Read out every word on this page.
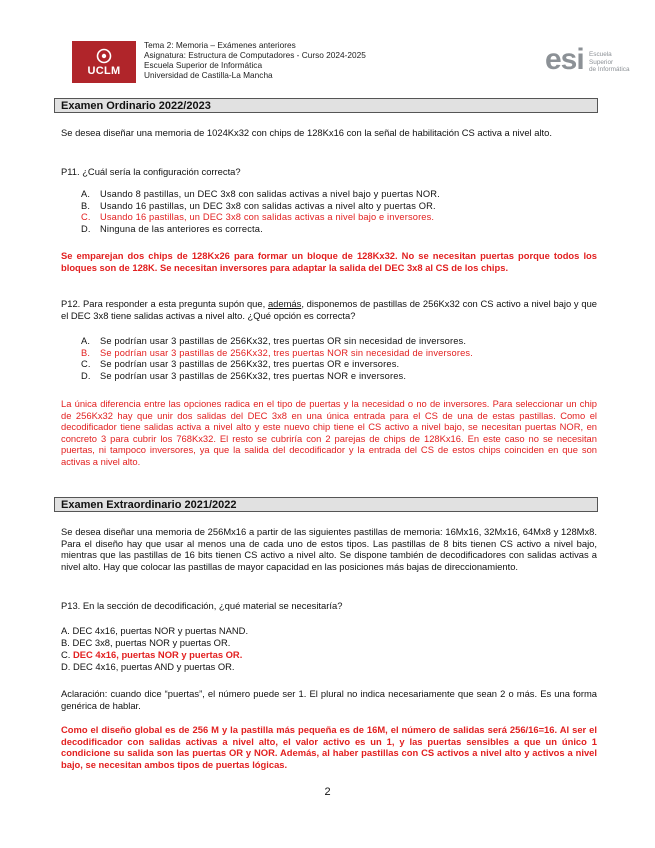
UCLM
Tema 2: Memoria – Exámenes anteriores
Asignatura: Estructura de Computadores - Curso 2024-2025
Escuela Superior de Informática
Universidad de Castilla-La Mancha	esi Escuela
Superior
de Informática
Examen Ordinario 2022/2023
Se desea diseñar una memoria de 1024Kx32 con chips de 128Kx16 con la señal de habilitación CS activa a nivel alto.
P11. ¿Cuál sería la configuración correcta?
A.	Usando 8 pastillas, un DEC 3x8 con salidas activas a nivel bajo y puertas NOR.
B.	Usando 16 pastillas, un DEC 3x8 con salidas activas a nivel alto y puertas OR.
C.	Usando 16 pastillas, un DEC 3x8 con salidas activas a nivel bajo e inversores.
D.	Ninguna de las anteriores es correcta.
Se emparejan dos chips de 128Kx26 para formar un bloque de 128Kx32. No se necesitan puertas porque todos los bloques son de 128K. Se necesitan inversores para adaptar la salida del DEC 3x8 al CS de los chips.
P12. Para responder a esta pregunta supón que, además, disponemos de pastillas de 256Kx32 con CS activo a nivel bajo y que el DEC 3x8 tiene salidas activas a nivel alto. ¿Qué opción es correcta?
A.	Se podrían usar 3 pastillas de 256Kx32, tres puertas OR sin necesidad de inversores.
B.	Se podrían usar 3 pastillas de 256Kx32, tres puertas NOR sin necesidad de inversores.
C.	Se podrían usar 3 pastillas de 256Kx32, tres puertas OR e inversores.
D.	Se podrían usar 3 pastillas de 256Kx32, tres puertas NOR e inversores.
La única diferencia entre las opciones radica en el tipo de puertas y la necesidad o no de inversores. Para seleccionar un chip de 256Kx32 hay que unir dos salidas del DEC 3x8 en una única entrada para el CS de una de estas pastillas. Como el decodificador tiene salidas activa a nivel alto y este nuevo chip tiene el CS activo a nivel bajo, se necesitan puertas NOR, en concreto 3 para cubrir los 768Kx32. El resto se cubriría con 2 parejas de chips de 128Kx16. En este caso no se necesitan puertas, ni tampoco inversores, ya que la salida del decodificador y la entrada del CS de estos chips coinciden en que son activas a nivel alto.
Examen Extraordinario 2021/2022
Se desea diseñar una memoria de 256Mx16 a partir de las siguientes pastillas de memoria: 16Mx16, 32Mx16, 64Mx8 y 128Mx8. Para el diseño hay que usar al menos una de cada uno de estos tipos. Las pastillas de 8 bits tienen CS activo a nivel bajo, mientras que las pastillas de 16 bits tienen CS activo a nivel alto. Se dispone también de decodificadores con salidas activas a nivel alto. Hay que colocar las pastillas de mayor capacidad en las posiciones más bajas de direccionamiento.
P13. En la sección de decodificación, ¿qué material se necesitaría?
A. DEC 4x16, puertas NOR y puertas NAND.
B. DEC 3x8, puertas NOR y puertas OR.
C. DEC 4x16, puertas NOR y puertas OR.
D. DEC 4x16, puertas AND y puertas OR.
Aclaración: cuando dice “puertas”, el número puede ser 1. El plural no indica necesariamente que sean 2 o más. Es una forma genérica de hablar.
Como el diseño global es de 256 M y la pastilla más pequeña es de 16M, el número de salidas será 256/16=16. Al ser el decodificador con salidas activas a nivel alto, el valor activo es un 1, y las puertas sensibles a que un único 1 condicione su salida son las puertas OR y NOR. Además, al haber pastillas con CS activos a nivel alto y activos a nivel bajo, se necesitan ambos tipos de puertas lógicas.
2
